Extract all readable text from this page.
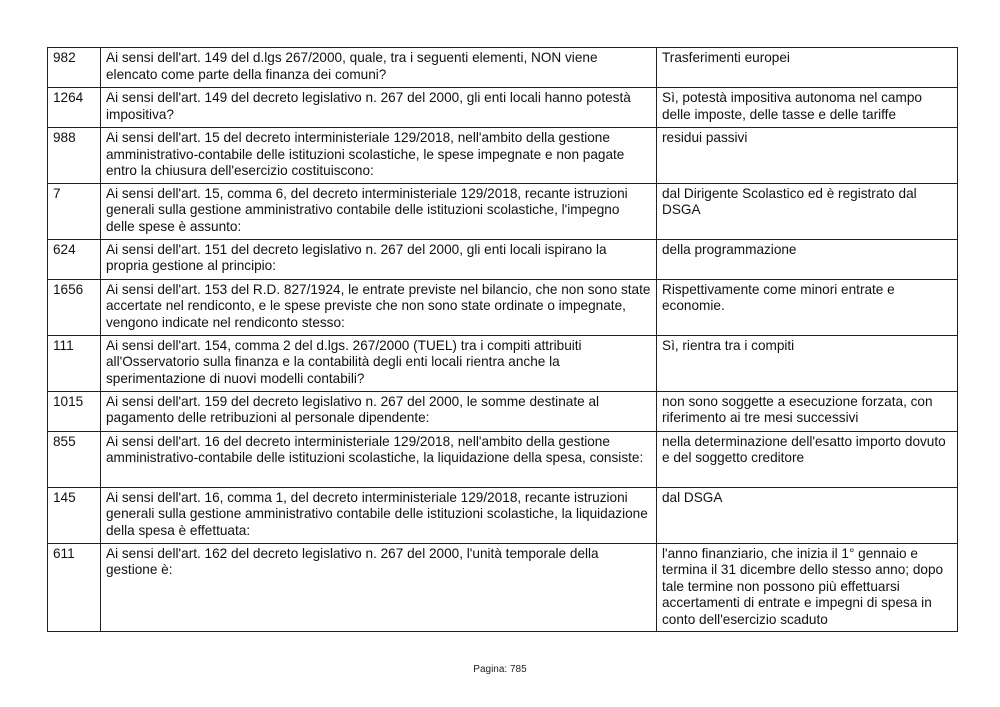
982	Ai sensi dell'art. 149 del d.lgs 267/2000, quale, tra i seguenti elementi, NON viene elencato come parte della finanza dei comuni?	Trasferimenti europei
1264	Ai sensi dell'art. 149 del decreto legislativo n. 267 del 2000, gli enti locali hanno potestà impositiva?	Sì, potestà impositiva autonoma nel campo delle imposte, delle tasse e delle tariffe
988	Ai sensi dell'art. 15 del decreto interministeriale 129/2018, nell'ambito della gestione amministrativo-contabile delle istituzioni scolastiche, le spese impegnate e non pagate entro la chiusura dell'esercizio costituiscono:	residui passivi
7	Ai sensi dell'art. 15, comma 6, del decreto interministeriale 129/2018, recante istruzioni generali sulla gestione amministrativo contabile delle istituzioni scolastiche, l'impegno delle spese è assunto:	dal Dirigente Scolastico ed è registrato dal DSGA
624	Ai sensi dell'art. 151 del decreto legislativo n. 267 del 2000, gli enti locali ispirano la propria gestione al principio:	della programmazione
1656	Ai sensi dell'art. 153 del R.D. 827/1924, le entrate previste nel bilancio, che non sono state accertate nel rendiconto, e le spese previste che non sono state ordinate o impegnate, vengono indicate nel rendiconto stesso:	Rispettivamente come minori entrate e economie.
111	Ai sensi dell'art. 154, comma 2 del d.lgs. 267/2000 (TUEL) tra i compiti attribuiti all'Osservatorio sulla finanza e la contabilità degli enti locali rientra anche la sperimentazione di nuovi modelli contabili?	Sì, rientra tra i compiti
1015	Ai sensi dell'art. 159 del decreto legislativo n. 267 del 2000, le somme destinate al pagamento delle retribuzioni al personale dipendente:	non sono soggette a esecuzione forzata, con riferimento ai tre mesi successivi
855	Ai sensi dell'art. 16 del decreto interministeriale 129/2018, nell'ambito della gestione amministrativo-contabile delle istituzioni scolastiche, la liquidazione della spesa, consiste:	nella determinazione dell'esatto importo dovuto e del soggetto creditore
145	Ai sensi dell'art. 16, comma 1, del decreto interministeriale 129/2018, recante istruzioni generali sulla gestione amministrativo contabile delle istituzioni scolastiche, la liquidazione della spesa è effettuata:	dal DSGA
611	Ai sensi dell'art. 162 del decreto legislativo n. 267 del 2000, l'unità temporale della gestione è:	l'anno finanziario, che inizia il 1° gennaio e termina il 31 dicembre dello stesso anno; dopo tale termine non possono più effettuarsi accertamenti di entrate e impegni di spesa in conto dell'esercizio scaduto
Pagina: 785
